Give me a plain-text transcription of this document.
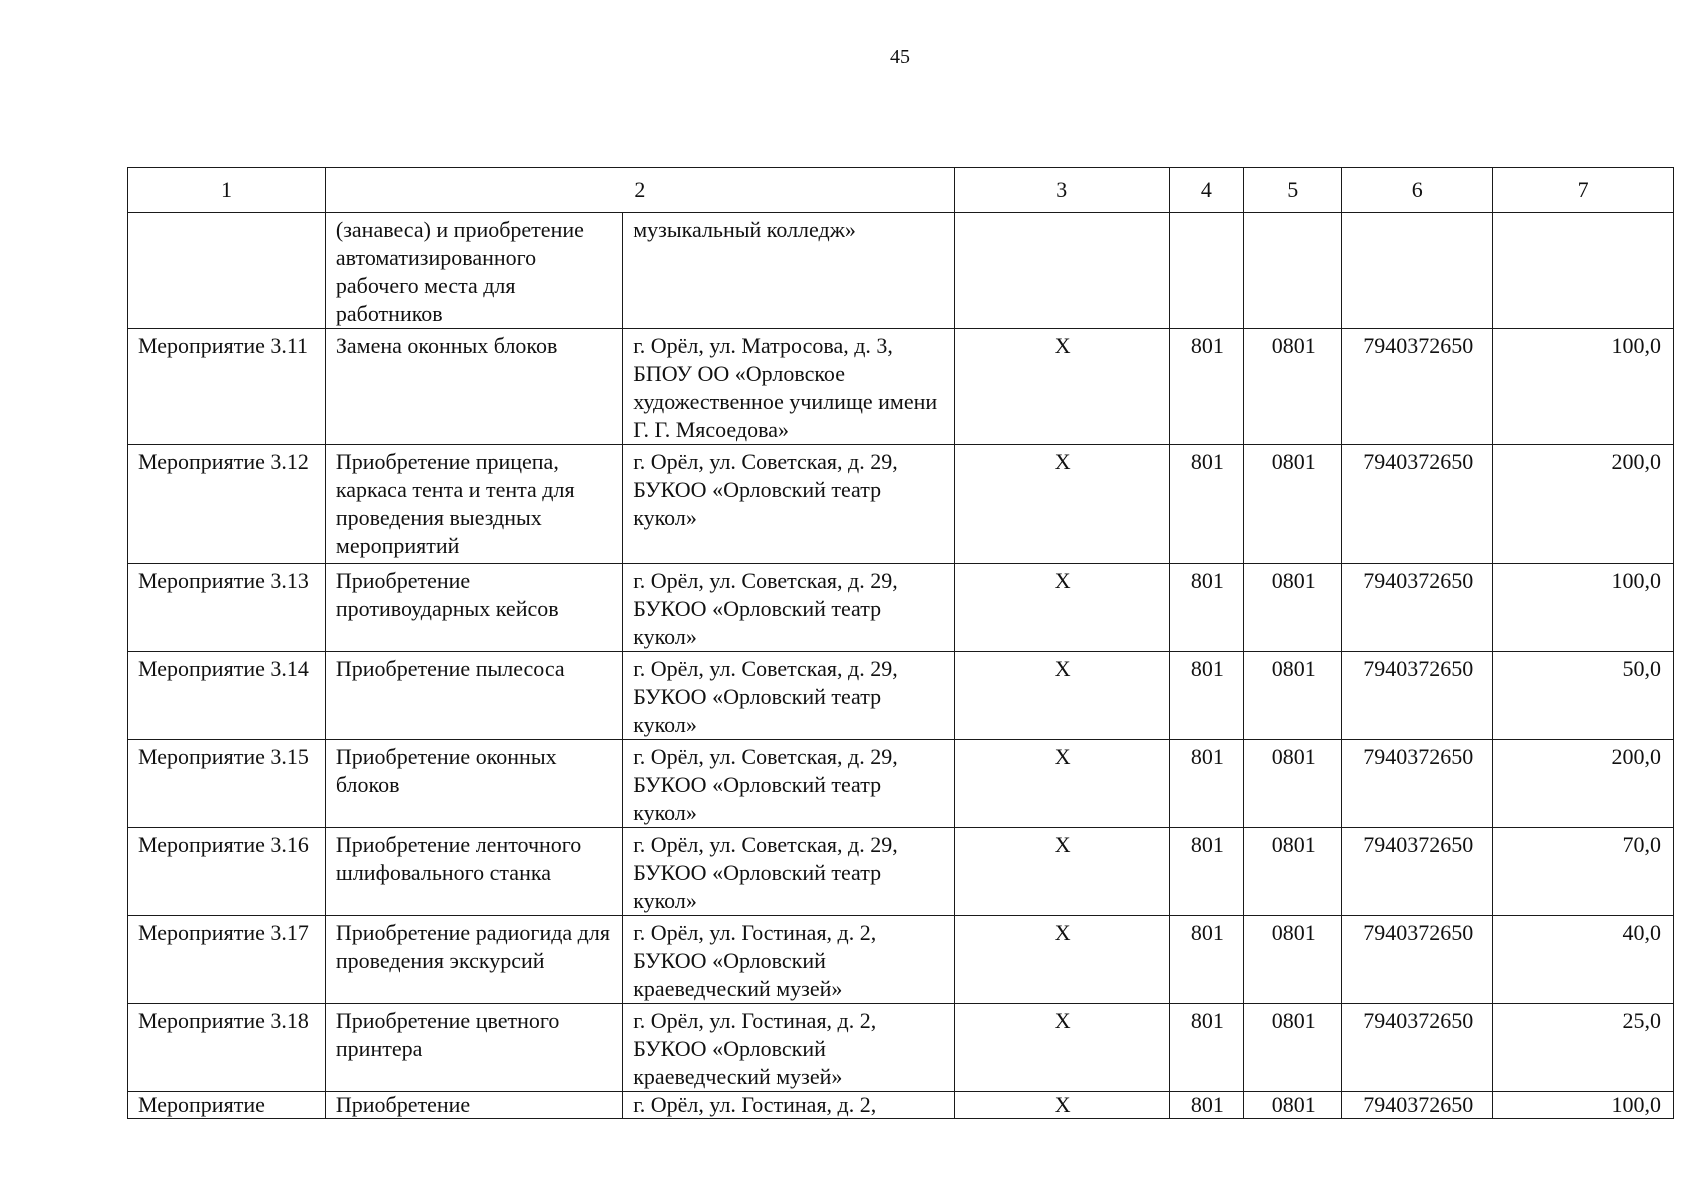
45
1	2		3	4	5	6	7
	(занавеса) и приобретение автоматизированного рабочего места для работников	музыкальный колледж»					
Мероприятие 3.11	Замена оконных блоков	г. Орёл, ул. Матросова, д. 3, БПОУ ОО «Орловское художественное училище имени Г. Г. Мясоедова»	Х	801	0801	7940372650	100,0
Мероприятие 3.12	Приобретение прицепа, каркаса тента и тента для проведения выездных мероприятий	г. Орёл, ул. Советская, д. 29, БУКОО «Орловский театр кукол»	Х	801	0801	7940372650	200,0
Мероприятие 3.13	Приобретение противоударных кейсов	г. Орёл, ул. Советская, д. 29, БУКОО «Орловский театр кукол»	Х	801	0801	7940372650	100,0
Мероприятие 3.14	Приобретение пылесоса	г. Орёл, ул. Советская, д. 29, БУКОО «Орловский театр кукол»	Х	801	0801	7940372650	50,0
Мероприятие 3.15	Приобретение оконных блоков	г. Орёл, ул. Советская, д. 29, БУКОО «Орловский театр кукол»	Х	801	0801	7940372650	200,0
Мероприятие 3.16	Приобретение ленточного шлифовального станка	г. Орёл, ул. Советская, д. 29, БУКОО «Орловский театр кукол»	Х	801	0801	7940372650	70,0
Мероприятие 3.17	Приобретение радиогида для проведения экскурсий	г. Орёл, ул. Гостиная, д. 2, БУКОО «Орловский краеведческий музей»	Х	801	0801	7940372650	40,0
Мероприятие 3.18	Приобретение цветного принтера	г. Орёл, ул. Гостиная, д. 2, БУКОО «Орловский краеведческий музей»	Х	801	0801	7940372650	25,0
Мероприятие	Приобретение	г. Орёл, ул. Гостиная, д. 2,	Х	801	0801	7940372650	100,0
